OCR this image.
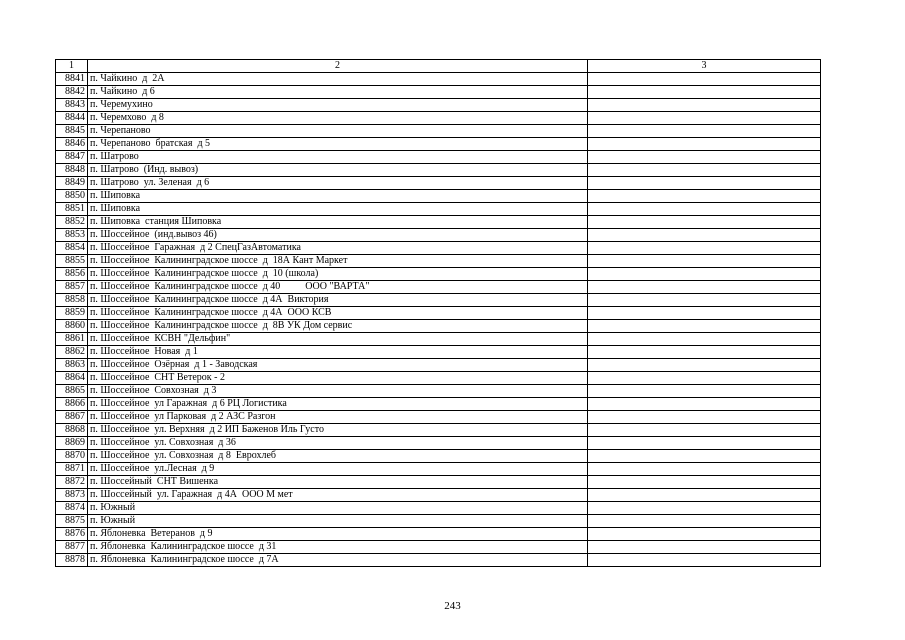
1	2	3
8841	п. Чайкино  д  2А	
8842	п. Чайкино  д 6	
8843	п. Черемухино	
8844	п. Черемхово  д 8	
8845	п. Черепаново	
8846	п. Черепаново  братская  д 5	
8847	п. Шатрово	
8848	п. Шатрово  (Инд. вывоз)	
8849	п. Шатрово  ул. Зеленая  д 6	
8850	п. Шиповка	
8851	п. Шиповка	
8852	п. Шиповка  станция Шиповка	
8853	п. Шоссейное  (инд.вывоз 46)	
8854	п. Шоссейное  Гаражная  д 2 СпецГазАвтоматика	
8855	п. Шоссейное  Калининградское шоссе  д  18А Кант Маркет	
8856	п. Шоссейное  Калининградское шоссе  д  10 (школа)	
8857	п. Шоссейное  Калининградское шоссе  д 40          ООО "ВАРТА"	
8858	п. Шоссейное  Калининградское шоссе  д 4А  Виктория	
8859	п. Шоссейное  Калининградское шоссе  д 4А  ООО КСВ	
8860	п. Шоссейное  Калининградское шоссе  д  8В УК Дом сервис	
8861	п. Шоссейное  КСВН "Дельфин"	
8862	п. Шоссейное  Новая  д 1	
8863	п. Шоссейное  Озёрная  д 1 - Заводская	
8864	п. Шоссейное  СНТ Ветерок - 2	
8865	п. Шоссейное  Совхозная  д 3	
8866	п. Шоссейное  ул Гаражная  д 6 РЦ Логистика	
8867	п. Шоссейное  ул Парковая  д 2 АЗС Разгон	
8868	п. Шоссейное  ул. Верхняя  д 2 ИП Баженов Иль Густо	
8869	п. Шоссейное  ул. Совхозная  д 36	
8870	п. Шоссейное  ул. Совхозная  д 8  Еврохлеб	
8871	п. Шоссейное  ул.Лесная  д 9	
8872	п. Шоссейный  СНТ Вишенка	
8873	п. Шоссейный  ул. Гаражная  д 4А  ООО М мет	
8874	п. Южный	
8875	п. Южный	
8876	п. Яблоневка  Ветеранов  д 9	
8877	п. Яблоневка  Калининградское шоссе  д 31	
8878	п. Яблоневка  Калининградское шоссе  д 7А	
243
